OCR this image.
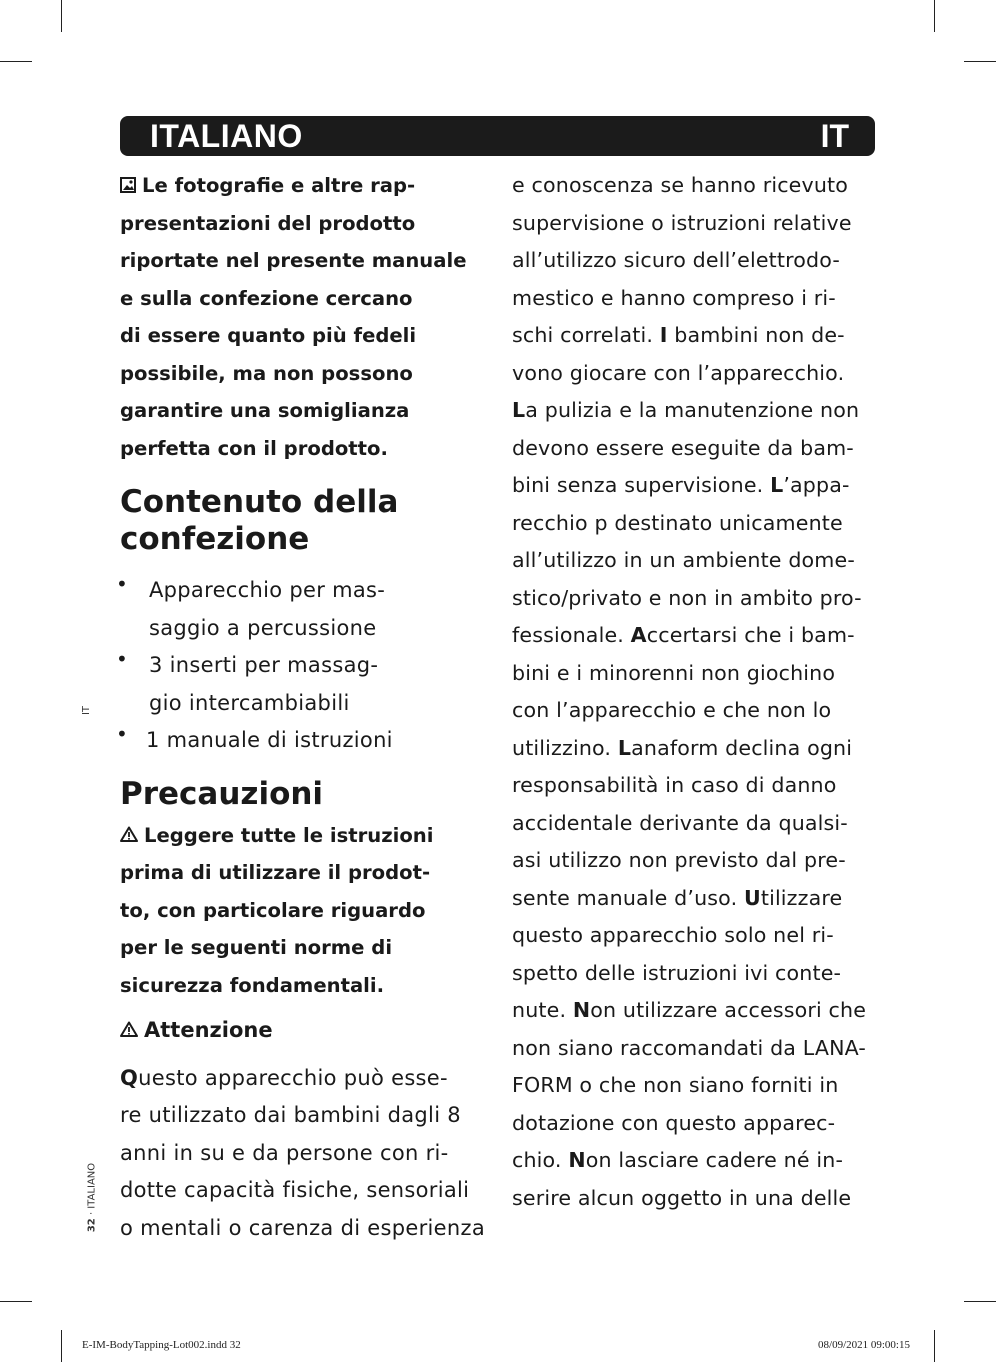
ITALIANO	IT
Le fotografie e altre rap-
presentazioni del prodotto
riportate nel presente manuale
e sulla confezione cercano
di essere quanto più fedeli
possibile, ma non possono
garantire una somiglianza
perfetta con il prodotto.
Contenuto della
confezione
• Apparecchio per mas-
saggio a percussione
• 3 inserti per massag-
gio intercambiabili
• 1 manuale di istruzioni
Precauzioni
Leggere tutte le istruzioni
prima di utilizzare il prodot-
to, con particolare riguardo
per le seguenti norme di
sicurezza fondamentali.
Attenzione
Questo apparecchio può esse-
re utilizzato dai bambini dagli 8
anni in su e da persone con ri-
dotte capacità fisiche, sensoriali
o mentali o carenza di esperienza
e conoscenza se hanno ricevuto
supervisione o istruzioni relative
all’utilizzo sicuro dell’elettrodo-
mestico e hanno compreso i ri-
schi correlati. I bambini non de-
vono giocare con l’apparecchio.
La pulizia e la manutenzione non
devono essere eseguite da bam-
bini senza supervisione. L’appa-
recchio p destinato unicamente
all’utilizzo in un ambiente dome-
stico/privato e non in ambito pro-
fessionale. Accertarsi che i bam-
bini e i minorenni non giochino
con l’apparecchio e che non lo
utilizzino. Lanaform declina ogni
responsabilità in caso di danno
accidentale derivante da qualsi-
asi utilizzo non previsto dal pre-
sente manuale d’uso. Utilizzare
questo apparecchio solo nel ri-
spetto delle istruzioni ivi conte-
nute. Non utilizzare accessori che
non siano raccomandati da LANA-
FORM o che non siano forniti in
dotazione con questo apparec-
chio. Non lasciare cadere né in-
serire alcun oggetto in una delle
IT
32 · ITALIANO
E-IM-BodyTapping-Lot002.indd 32	08/09/2021 09:00:15
